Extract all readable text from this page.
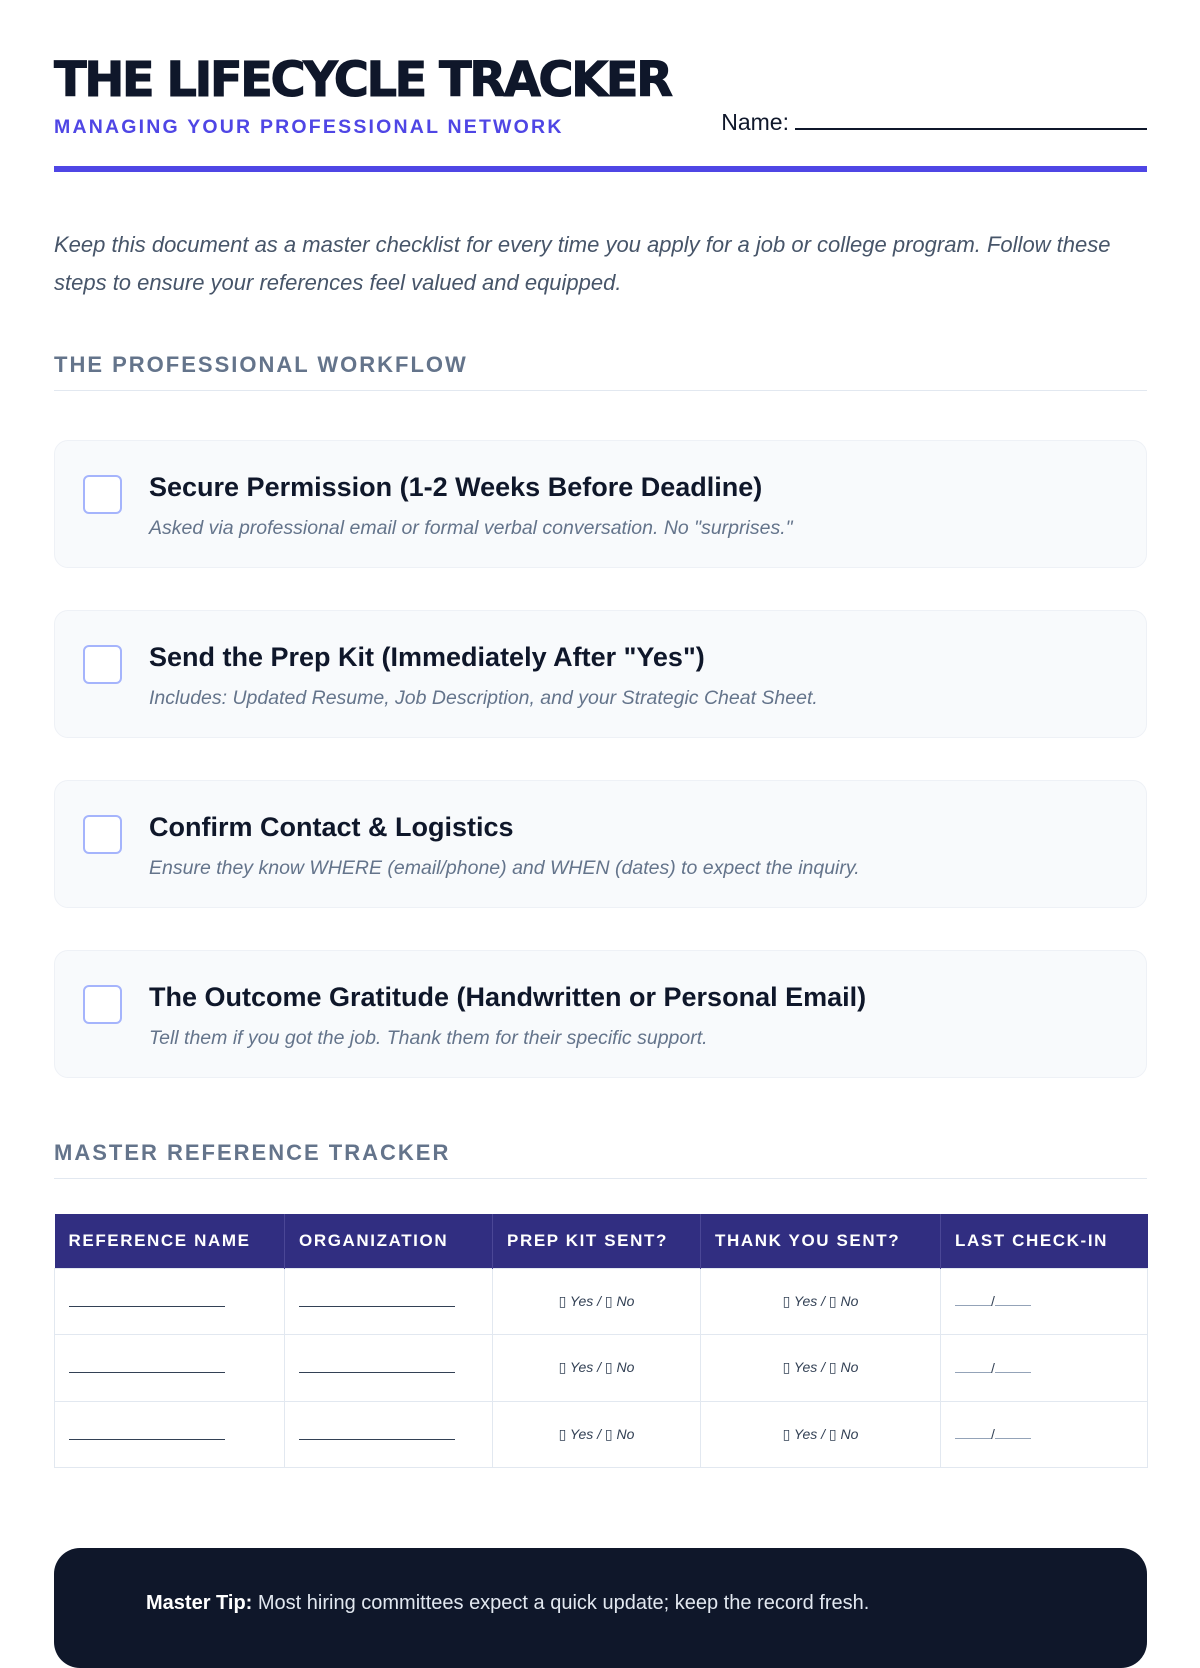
THE LIFECYCLE TRACKER
MANAGING YOUR PROFESSIONAL NETWORK	Name:

Keep this document as a master checklist for every time you apply for a job or college program. Follow these steps to ensure your references feel valued and equipped.

THE PROFESSIONAL WORKFLOW
Secure Permission (1-2 Weeks Before Deadline)
Asked via professional email or formal verbal conversation. No "surprises."
Send the Prep Kit (Immediately After "Yes")
Includes: Updated Resume, Job Description, and your Strategic Cheat Sheet.
Confirm Contact & Logistics
Ensure they know WHERE (email/phone) and WHEN (dates) to expect the inquiry.
The Outcome Gratitude (Handwritten or Personal Email)
Tell them if you got the job. Thank them for their specific support.
MASTER REFERENCE TRACKER
REFERENCE NAME	ORGANIZATION	PREP KIT SENT?	THANK YOU SENT?	LAST CHECK-IN
		▯ Yes / ▯ No	▯ Yes / ▯ No	/
		▯ Yes / ▯ No	▯ Yes / ▯ No	/
		▯ Yes / ▯ No	▯ Yes / ▯ No	/
Master Tip: Most hiring committees expect a quick update; keep the record fresh.
